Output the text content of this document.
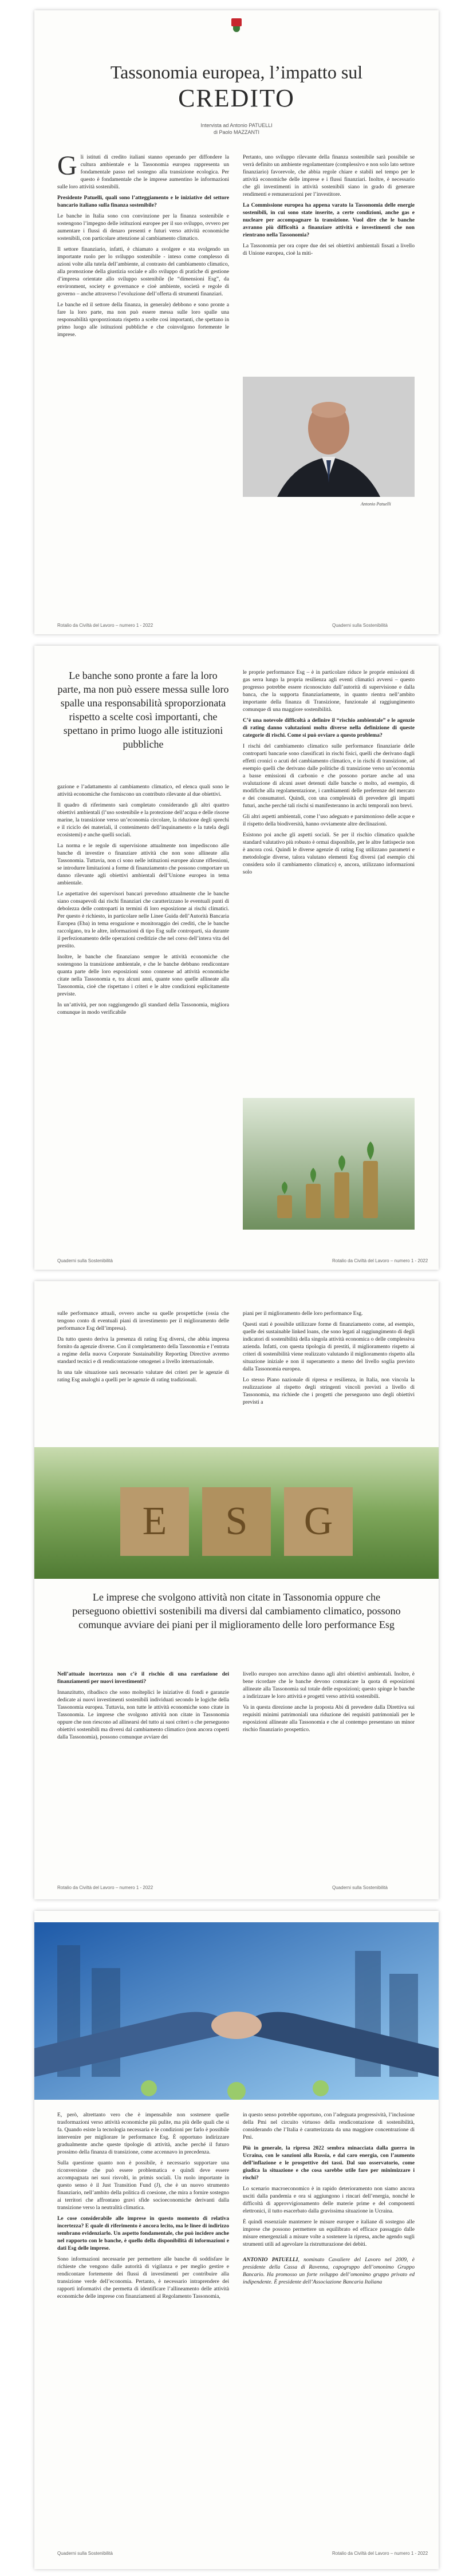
Tassonomia europea, l’impatto sul
CREDITO
Intervista ad Antonio PATUELLI
di Paolo MAZZANTI

Gli istituti di credito italiani stanno operando per diffondere la cultura ambientale e la Tassonomia europea rappresenta un fondamentale passo nel sostegno alla transizione ecologica. Per questo è fondamentale che le imprese aumentino le informazioni sulle loro attività sostenibili.

Presidente Patuelli, quali sono l’atteggiamento e le iniziative del settore bancario italiano sulla finanza sostenibile?

Le banche in Italia sono con convinzione per la finanza sostenibile e sostengono l’impegno delle istituzioni europee per il suo sviluppo, ovvero per aumentare i flussi di denaro presenti e futuri verso attività economiche sostenibili, con particolare attenzione al cambiamento climatico.

Il settore finanziario, infatti, è chiamato a svolgere e sta svolgendo un importante ruolo per lo sviluppo sostenibile - inteso come complesso di azioni volte alla tutela dell’ambiente, al contrasto del cambiamento climatico, alla promozione della giustizia sociale e allo sviluppo di pratiche di gestione d’impresa orientate allo sviluppo sostenibile (le “dimensioni Esg”, da environment, society e governance e cioè ambiente, società e regole di governo – anche attraverso l’evoluzione dell’offerta di strumenti finanziari.

Le banche ed il settore della finanza, in generale) debbono e sono pronte a fare la loro parte, ma non può essere messa sulle loro spalle una responsabilità sproporzionata rispetto a scelte così importanti, che spettano in primo luogo alle istituzioni pubbliche e che coinvolgono fortemente le imprese.

Pertanto, uno sviluppo rilevante della finanza sostenibile sarà possibile se verrà definito un ambiente regolamentare (complessivo e non solo lato settore finanziario) favorevole, che abbia regole chiare e stabili nel tempo per le attività economiche delle imprese e i flussi finanziari. Inoltre, è necessario che gli investimenti in attività sostenibili siano in grado di generare rendimenti e remunerazioni per l’investitore.

La Commissione europea ha appena varato la Tassonomia delle energie sostenibili, in cui sono state inserite, a certe condizioni, anche gas e nucleare per accompagnare la transizione. Vuol dire che le banche avranno più difficoltà a finanziare attività e investimenti che non rientrano nella Tassonomia?

La Tassonomia per ora copre due dei sei obiettivi ambientali fissati a livello di Unione europea, cioè la miti-

Antonio Patuelli
Rotalio da Civiltà del Lavoro – numero 1 - 2022	Quaderni sulla Sostenibilità
Le banche sono pronte a fare la loro parte, ma non può essere messa sulle loro spalle una responsabilità sproporzionata rispetto a scelte così importanti, che spettano in primo luogo alle istituzioni pubbliche

gazione e l’adattamento al cambiamento climatico, ed elenca quali sono le attività economiche che forniscono un contributo rilevante al due obiettivi.

Il quadro di riferimento sarà completato considerando gli altri quattro obiettivi ambientali (l’uso sostenibile e la protezione dell’acqua e delle risorse marine, la transizione verso un’economia circolare, la riduzione degli sprechi e il riciclo dei materiali, il contenimento dell’inquinamento e la tutela degli ecosistemi) e anche quelli sociali.

La norma e le regole di supervisione attualmente non impediscono alle banche di investire o finanziare attività che non sono allineate alla Tassonomia. Tuttavia, non ci sono nelle istituzioni europee alcune riflessioni, se introdurre limitazioni a forme di finanziamento che possono comportare un danno rilevante agli obiettivi ambientali dell’Unione europea in tema ambientale.

Le aspettative dei supervisori bancari prevedono attualmente che le banche siano consapevoli dai rischi finanziari che caratterizzano le eventuali punti di debolezza delle controparti in termini di loro esposizione ai rischi climatici. Per questo è richiesto, in particolare nelle Linee Guida dell’Autorità Bancaria Europea (Eba) in tema erogazione e monitoraggio dei crediti, che le banche raccolgano, tra le altre, informazioni di tipo Esg sulle controparti, sia durante il perfezionamento delle operazioni creditizie che nel corso dell’intera vita del prestito.

Inoltre, le banche che finanziano sempre le attività economiche che sostengono la transizione ambientale, e che le banche debbano rendicontare quanta parte delle loro esposizioni sono connesse ad attività economiche citate nella Tassonomia e, tra alcuni anni, quante sono quelle allineate alla Tassonomia, cioè che rispettano i criteri e le altre condizioni esplicitamente previste.

In un’attività, per non raggiungendo gli standard della Tassonomia, migliora comunque in modo verificabile

le proprie performance Esg – è in particolare riduce le proprie emissioni di gas serra lungo la propria resilienza agli eventi climatici avversi – questo progresso potrebbe essere riconosciuto dall’autorità di supervisione e dalla banca, che la supporta finanziariamente, in quanto rientra nell’ambito importante della finanza di Transizione, funzionale al raggiungimento comunque di una maggiore sostenibilità.

C’è una notevole difficoltà a definire il “rischio ambientale” e le agenzie di rating danno valutazioni molto diverse nella definizione di queste categorie di rischi. Come si può ovviare a questo problema?

I rischi del cambiamento climatico sulle performance finanziarie delle controparti bancarie sono classificati in rischi fisici, quelli che derivano dagli effetti cronici o acuti del cambiamento climatico, e in rischi di transizione, ad esempio quelli che derivano dalle politiche di transizione verso un’economia a basse emissioni di carbonio e che possono portare anche ad una svalutazione di alcuni asset detenuti dalle banche o molto, ad esempio, di modifiche alla regolamentazione, i cambiamenti delle preferenze del mercato e dei consumatori. Quindi, con una complessità di prevedere gli impatti futuri, anche perché tali rischi si manifesteranno in archi temporali non brevi.

Gli altri aspetti ambientali, come l’uso adeguato e parsimonioso delle acque e il rispetto della biodiversità, hanno ovviamente altre declinazioni.

Esistono poi anche gli aspetti sociali. Se per il rischio climatico qualche standard valutativo più robusto è ormai disponibile, per le altre fattispecie non è ancora così. Quindi le diverse agenzie di rating Esg utilizzano parametri e metodologie diverse, talora valutano elementi Esg diversi (ad esempio chi considera solo il cambiamento climatico) e, ancora, utilizzano informazioni solo

Quaderni sulla Sostenibilità	Rotalio da Civiltà del Lavoro – numero 1 - 2022

sulle performance attuali, ovvero anche su quelle prospettiche (ossia che tengono conto di eventuali piani di investimento per il miglioramento delle performance Esg dell’impresa).

Da tutto questo deriva la presenza di rating Esg diversi, che abbia impresa fornito da agenzie diverse. Con il completamento della Tassonomia e l’entrata a regime della nuova Corporate Sustainability Reporting Directive avremo standard tecnici e di rendicontazione omogenei a livello internazionale.

In una tale situazione sarà necessario valutare dei criteri per le agenzie di rating Esg analoghi a quelli per le agenzie di rating tradizionali.

piani per il miglioramento delle loro performance Esg.

Questi stati è possibile utilizzare forme di finanziamento come, ad esempio, quelle dei sustainable linked loans, che sono legati al raggiungimento di degli indicatori di sostenibilità della singola attività economica o delle complessiva azienda. Infatti, con questa tipologia di prestiti, il miglioramento rispetto ai criteri di sostenibilità viene realizzato valutando il miglioramento rispetto alla situazione iniziale e non il superamento a meno del livello soglia previsto dalla Tassonomia europea.

Lo stesso Piano nazionale di ripresa e resilienza, in Italia, non vincola la realizzazione al rispetto degli stringenti vincoli previsti a livello di Tassonomia, ma richiede che i progetti che perseguono uno degli obiettivi previsti a

E	S	G
Le imprese che svolgono attività non citate in Tassonomia oppure che perseguono obiettivi sostenibili ma diversi dal cambiamento climatico, possono comunque avviare dei piani per il miglioramento delle loro performance Esg

Nell’attuale incertezza non c’è il rischio di una rarefazione dei finanziamenti per nuovi investimenti?

Innanzitutto, ribadisco che sono molteplici le iniziative di fondi e garanzie dedicate ai nuovi investimenti sostenibili individuati secondo le logiche della Tassonomia europea. Tuttavia, non tutte le attività economiche sono citate in Tassonomia. Le imprese che svolgono attività non citate in Tassonomia oppure che non riescono ad allinearsi del tutto ai suoi criteri o che perseguono obiettivi sostenibili ma diversi dal cambiamento climatico (non ancora coperti dalla Tassonomia), possono comunque avviare dei

livello europeo non arrechino danno agli altri obiettivi ambientali. Inoltre, è bene ricordare che le banche devono comunicare la quota di esposizioni allineate alla Tassonomia sul totale delle esposizioni; questo spinge le banche a indirizzare le loro attività e progetti verso attività sostenibili.

Va in questa direzione anche la proposta Abi di prevedere dalla Direttiva sui requisiti minimi patrimoniali una riduzione dei requisiti patrimoniali per le esposizioni allineate alla Tassonomia e che al contempo presentano un minor rischio finanziario prospettico.

Rotalio da Civiltà del Lavoro – numero 1 - 2022	Quaderni sulla Sostenibilità

E, però, altrettanto vero che è impensabile non sostenere quelle trasformazioni verso attività economiche più pulite, ma più delle quali che si fa. Quando esiste la tecnologia necessaria e le condizioni per farlo è possibile intervenire per migliorare le performance Esg. È opportuno indirizzare gradualmente anche queste tipologie di attività, anche perché il futuro prossimo della finanza di transizione, come accennavo in precedenza.

Sulla questione quanto non è possibile, è necessario supportare una riconversione che può essere problematica e quindi deve essere accompagnata nei suoi risvolti, in primis sociali. Un ruolo importante in questo senso è il Just Transition Fund (J), che è un nuovo strumento finanziario, nell’ambito della politica di coesione, che mira a fornire sostegno ai territori che affrontano gravi sfide socioeconomiche derivanti dalla transizione verso la neutralità climatica.

Le cose considerabile alle imprese in questo momento di relativa incertezza? E quale di riferimento è ancora lecito, ma le linee di indirizzo sembrano evidenziarlo. Un aspetto fondamentale, che può incidere anche nel rapporto con le banche, è quello della disponibilità di informazioni e dati Esg delle imprese.

Sono informazioni necessarie per permettere alle banche di soddisfare le richieste che vengono dalle autorità di vigilanza e per meglio gestire e rendicontare fortemente dei flussi di investimenti per contribuire alla transizione verde dell’economia. Pertanto, è necessario intraprendere dei rapporti informativi che permetta di identificare l’allineamento delle attività economiche delle imprese con finanziamenti al Regolamento Tassonomia,

in questo senso potrebbe opportuno, con l’adeguata progressività, l’inclusione della Pmi nel circuito virtuoso della rendicontazione di sostenibilità, considerando che l’Italia è caratterizzata da una maggiore concentrazione di Pmi.

Più in generale, la ripresa 2022 sembra minacciata dalla guerra in Ucraina, con le sanzioni alla Russia, e dal caro energia, con l’aumento dell’inflazione e le prospettive dei tassi. Dal suo osservatorio, come giudica la situazione e che cosa sarebbe utile fare per minimizzare i rischi?

Lo scenario macroeconomico è in rapido deterioramento non siamo ancora usciti dalla pandemia e ora si aggiungono i rincari dell’energia, nonché le difficoltà di approvvigionamento delle materie prime e del componenti elettronici, il tutto esacerbato dalla gravissima situazione in Ucraina.

È quindi essenziale mantenere le misure europee e italiane di sostegno alle imprese che possono permettere un equilibrato ed efficace passaggio dalle misure emergenziali a misure volte a sostenere la ripresa, anche agendo sugli strumenti utili ad agevolare la ristrutturazione dei debiti.

ANTONIO PATUELLI, nominato Cavaliere del Lavoro nel 2009, è presidente della Cassa di Ravenna, capogruppo dell’omonimo Gruppo Bancario. Ha promosso un forte sviluppo dell’omonimo gruppo privato ed indipendente. È presidente dell’Associazione Bancaria Italiana

Quaderni sulla Sostenibilità	Rotalio da Civiltà del Lavoro – numero 1 - 2022
